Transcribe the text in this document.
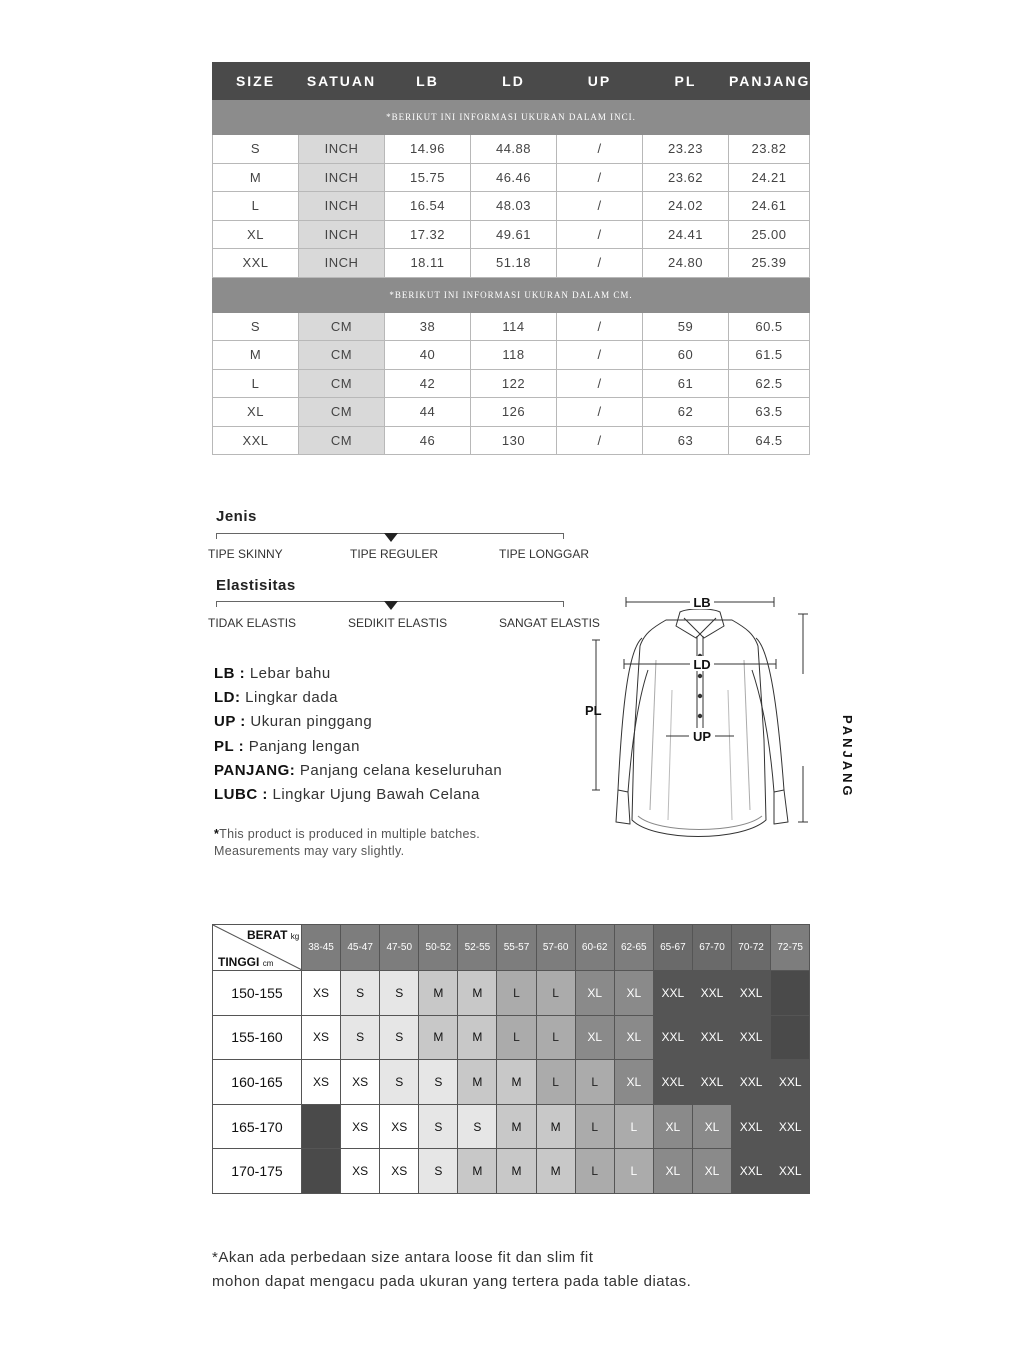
SIZE	SATUAN	LB	LD	UP	PL	PANJANG
*BERIKUT INI INFORMASI UKURAN DALAM INCI.						
S	INCH	14.96	44.88	/	23.23	23.82
M	INCH	15.75	46.46	/	23.62	24.21
L	INCH	16.54	48.03	/	24.02	24.61
XL	INCH	17.32	49.61	/	24.41	25.00
XXL	INCH	18.11	51.18	/	24.80	25.39
*BERIKUT INI INFORMASI UKURAN DALAM CM.						
S	CM	38	114	/	59	60.5
M	CM	40	118	/	60	61.5
L	CM	42	122	/	61	62.5
XL	CM	44	126	/	62	63.5
XXL	CM	46	130	/	63	64.5
Jenis
TIPE SKINNY	TIPE REGULER	TIPE LONGGAR
Elastisitas
TIDAK ELASTIS	SEDIKIT ELASTIS	SANGAT ELASTIS
LB : Lebar bahu
LD: Lingkar dada
UP : Ukuran pinggang
PL : Panjang lengan
PANJANG: Panjang celana keseluruhan
LUBC : Lingkar Ujung Bawah Celana
*This product is produced in multiple batches.
Measurements may vary slightly.
LB
LD
UP
PL
PANJANG
BERAT kg
TINGGI cm	38-45	45-47	47-50	50-52	52-55	55-57	57-60	60-62	62-65	65-67	67-70	70-72	72-75
150-155	XS	S	S	M	M	L	L	XL	XL	XXL	XXL	XXL	
155-160	XS	S	S	M	M	L	L	XL	XL	XXL	XXL	XXL	
160-165	XS	XS	S	S	M	M	L	L	XL	XXL	XXL	XXL	XXL
165-170		XS	XS	S	S	M	M	L	L	XL	XL	XXL	XXL
170-175		XS	XS	S	M	M	M	L	L	XL	XL	XXL	XXL
*Akan ada perbedaan size antara loose fit dan slim fit
mohon dapat mengacu pada ukuran yang tertera pada table diatas.
